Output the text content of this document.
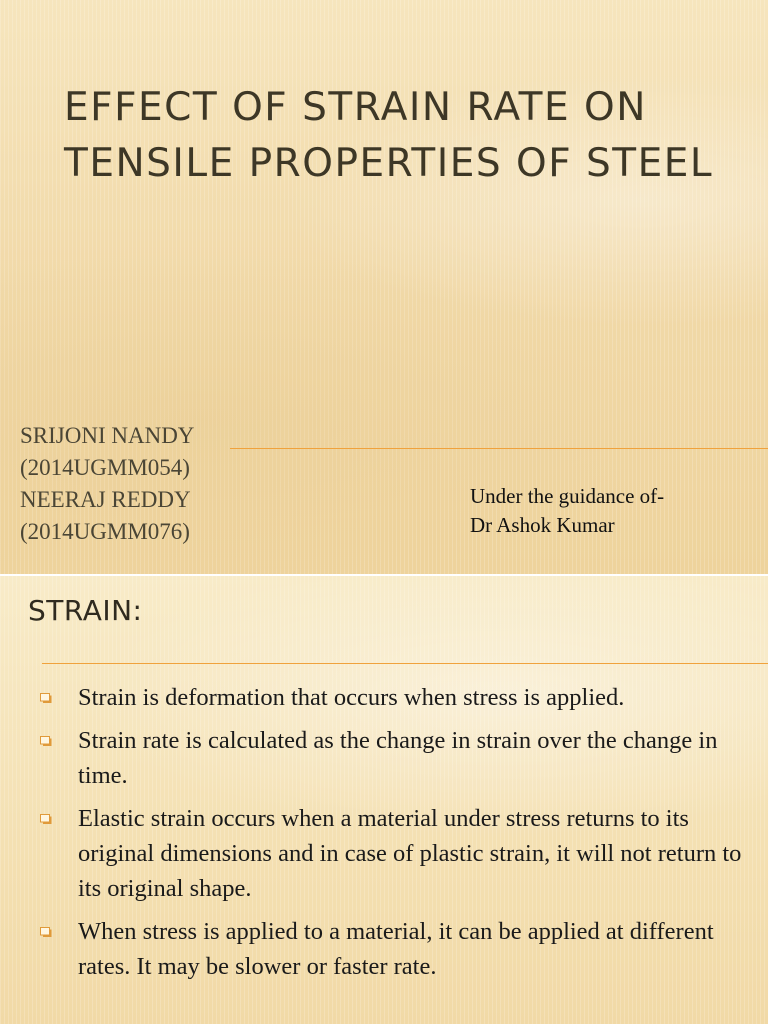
EFFECT OF STRAIN RATE ON
TENSILE PROPERTIES OF STEEL
SRIJONI NANDY
(2014UGMM054)
NEERAJ REDDY
(2014UGMM076)
Under the guidance of-
Dr Ashok Kumar
STRAIN:
Strain is deformation that occurs when stress is applied.
Strain rate is calculated as the change in strain over the change in time.
Elastic strain occurs when a material under stress returns to its original dimensions and in case of plastic strain, it will not return to its original shape.
When stress is applied to a material, it can be applied at different rates. It may be slower or faster rate.
